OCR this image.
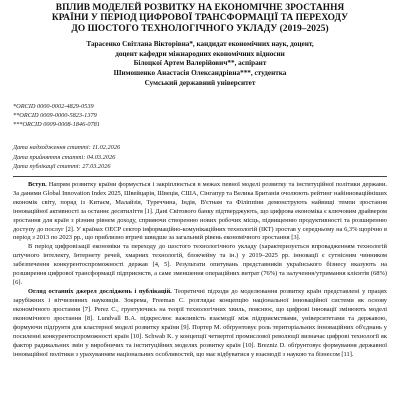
ВПЛИВ МОДЕЛЕЙ РОЗВИТКУ НА ЕКОНОМІЧНЕ ЗРОСТАННЯ
КРАЇНИ У ПЕРІОД ЦИФРОВОЇ ТРАНСФОРМАЦІЇ ТА ПЕРЕХОДУ
ДО ШОСТОГО ТЕХНОЛОГІЧНОГО УКЛАДУ (2019–2025)
Тарасенко Світлана Вікторівна*, кандидат економічних наук, доцент,
доцент кафедри міжнародних економічних відносин
Білоцкої Артем Валерійович**, аспірант
Шимошенко Анастасія Олександрівна***, студентка
Сумський державний університет
*ORCID 0000-0002-4829-0539
**ORCID 0009-0000-5823-1379
***ORCID 0009-0008-1846-0781
Дата надходження статті: 11.02.2026
Дата прийняття статті: 04.03.2026
Дата публікації статті: 27.03.2026

Вступ. Напрям розвитку країни формується і закріплюється в межах певної моделі розвитку та інституційної політики держави. За даними Global Innovation Index 2025, Швейцарія, Швеція, США, Сінгапур та Велика Британія очолюють рейтинг найінноваційніших економік світу, поряд із Китаєм, Малайзія, Туреччина, Індія, В'єтнам та Філіппіни демонструють найвищі темпи зростання інноваційної активності за останнє десятиліття [1]. Дані Світового банку підтверджують, що цифрова економіка є ключовим драйвером зростання для країн з різним рівнем доходу, сприяючи створенню нових робочих місць, підвищенню продуктивності та розширенню доступу до послуг [2]. У країнах ОЕСР сектор інформаційно-комунікаційних технологій (ІКТ) зростав у середньому на 6,3% щорічно в період з 2013 по 2023 рр., що приблизно втричі швидше за загальний рівень економічного зростання [3].

В період цифровізації економіки та переходу до шостого технологічного укладу (характеризується впровадженням технологій штучного інтелекту, Інтернету речей, хмарних технологій, блокчейну та ін.) у 2019–2025 рр. інновації є сутнісним чинником забезпечення конкурентоспроможності держав [4, 5]. Результати опитувань представників українського бізнесу вказують на розширення цифрової трансформації підприємств, а саме зменшення операційних витрат (76%) та залучення/утримання клієнтів (68%) [6].

Огляд останніх джерел досліджень і публікацій. Теоретичні підходи до моделювання розвитку країн представлені у працях зарубіжних і вітчизняних науковців. Зокрема, Freeman C. розглядає концепцію національної інноваційної системи як основу економічного зростання [7]. Perez C., грунтуючись на теорії технологічних хвиль, пояснює, що цифрові інновації змінюють моделі економічного зростання [8]. Lundvall B.A. підкреслює важливість взаємодії між підприємствами, університетами та державою, формуючи підґрунтя для кластерної моделі розвитку країни [9]. Портер М. обґрунтовує роль територіальних інноваційних об'єднань у посиленні конкурентоспроможності країн [10]. Schwab K. у концепції четвертої промислової революції визначає цифрові технології як фактор радикальних змін у виробничих та інституційних моделях розвитку країн [10]. Brezniz D. обґрунтовує формування державної інноваційної політики з урахуванням національних особливостей, що має відбуватися у взаємодії з наукою та бізнесом [11].
